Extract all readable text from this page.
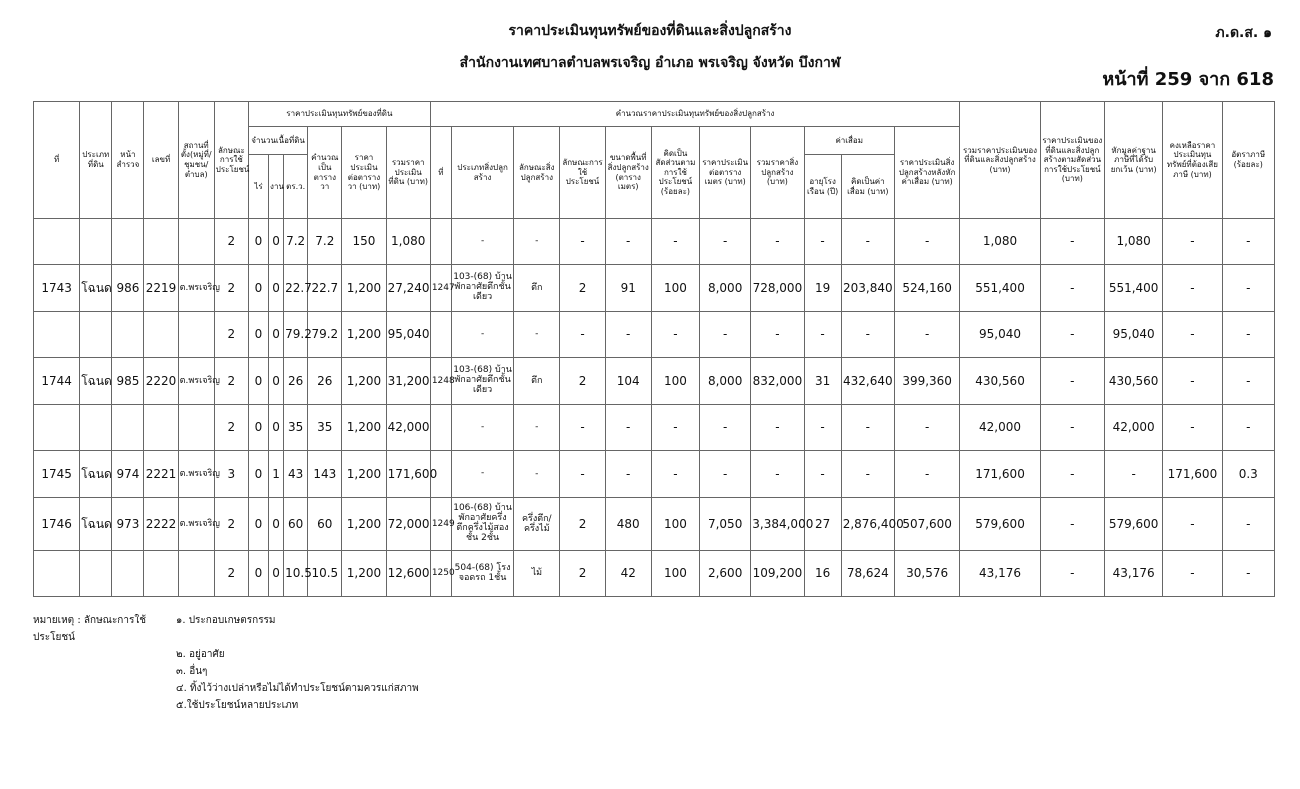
ราคาประเมินทุนทรัพย์ของที่ดินและสิ่งปลูกสร้าง
สำนักงานเทศบาลตำบลพรเจริญ อำเภอ พรเจริญ จังหวัด บึงกาฬ
ภ.ด.ส. ๑
หน้าที่ 259 จาก 618
ที่	ประเภทที่ดิน	หน้าสำรวจ	เลขที่	สถานที่ตั้ง(หมู่ที่/ชุมชน/ตำบล)	ลักษณะการใช้ประโยชน์	ราคาประเมินทุนทรัพย์ของที่ดิน						คำนวณราคาประเมินทุนทรัพย์ของสิ่งปลูกสร้าง											รวมราคาประเมินของที่ดินและสิ่งปลูกสร้าง (บาท)	ราคาประเมินของที่ดินและสิ่งปลูกสร้างตามสัดส่วนการใช้ประโยชน์ (บาท)	หักมูลค่าฐานภาษีที่ได้รับยกเว้น (บาท)	คงเหลือราคาประเมินทุนทรัพย์ที่ต้องเสียภาษี (บาท)	อัตราภาษี (ร้อยละ)
						จำนวนเนื้อที่ดิน			คำนวณเป็นตารางวา	ราคาประเมินต่อตารางวา (บาท)	รวมราคาประเมินที่ดิน (บาท)	ที่	ประเภทสิ่งปลูกสร้าง	ลักษณะสิ่งปลูกสร้าง	ลักษณะการใช้ประโยชน์	ขนาดพื้นที่สิ่งปลูกสร้าง (ตารางเมตร)	คิดเป็นสัดส่วนตามการใช้ประโยชน์ (ร้อยละ)	ราคาประเมินต่อตารางเมตร (บาท)	รวมราคาสิ่งปลูกสร้าง (บาท)	ค่าเสื่อม		ราคาประเมินสิ่งปลูกสร้างหลังหักค่าเสื่อม (บาท)					
						ไร่	งาน	ตร.ว.												อายุโรงเรือน (ปี)	คิดเป็นค่าเสื่อม (บาท)						
					2	0	0	7.2	7.2	150	1,080		-	-	-	-	-	-	-	-	-	-	1,080	-	1,080	-	-
1743	โฉนด	986	2219	ต.พรเจริญ	2	0	0	22.7	22.7	1,200	27,240	1247	103-(68) บ้านพักอาศัยตึกชั้นเดียว	ตึก	2	91	100	8,000	728,000	19	203,840	524,160	551,400	-	551,400	-	-
					2	0	0	79.2	79.2	1,200	95,040		-	-	-	-	-	-	-	-	-	-	95,040	-	95,040	-	-
1744	โฉนด	985	2220	ต.พรเจริญ	2	0	0	26	26	1,200	31,200	1248	103-(68) บ้านพักอาศัยตึกชั้นเดียว	ตึก	2	104	100	8,000	832,000	31	432,640	399,360	430,560	-	430,560	-	-
					2	0	0	35	35	1,200	42,000		-	-	-	-	-	-	-	-	-	-	42,000	-	42,000	-	-
1745	โฉนด	974	2221	ต.พรเจริญ	3	0	1	43	143	1,200	171,600		-	-	-	-	-	-	-	-	-	-	171,600	-	-	171,600	0.3
1746	โฉนด	973	2222	ต.พรเจริญ	2	0	0	60	60	1,200	72,000	1249	106-(68) บ้านพักอาศัยครึ่งตึกครึ่งไม้สองชั้น 2ชั้น	ครึ่งตึก/ครึ่งไม้	2	480	100	7,050	3,384,000	27	2,876,400	507,600	579,600	-	579,600	-	-
					2	0	0	10.5	10.5	1,200	12,600	1250	504-(68) โรงจอดรถ 1ชั้น	ไม้	2	42	100	2,600	109,200	16	78,624	30,576	43,176	-	43,176	-	-
หมายเหตุ : ลักษณะการใช้ประโยชน์
๑. ประกอบเกษตรกรรม
๒. อยู่อาศัย
๓. อื่นๆ
๔. ทิ้งไว้ว่างเปล่าหรือไม่ได้ทำประโยชน์ตามควรแก่สภาพ
๕.ใช้ประโยชน์หลายประเภท
